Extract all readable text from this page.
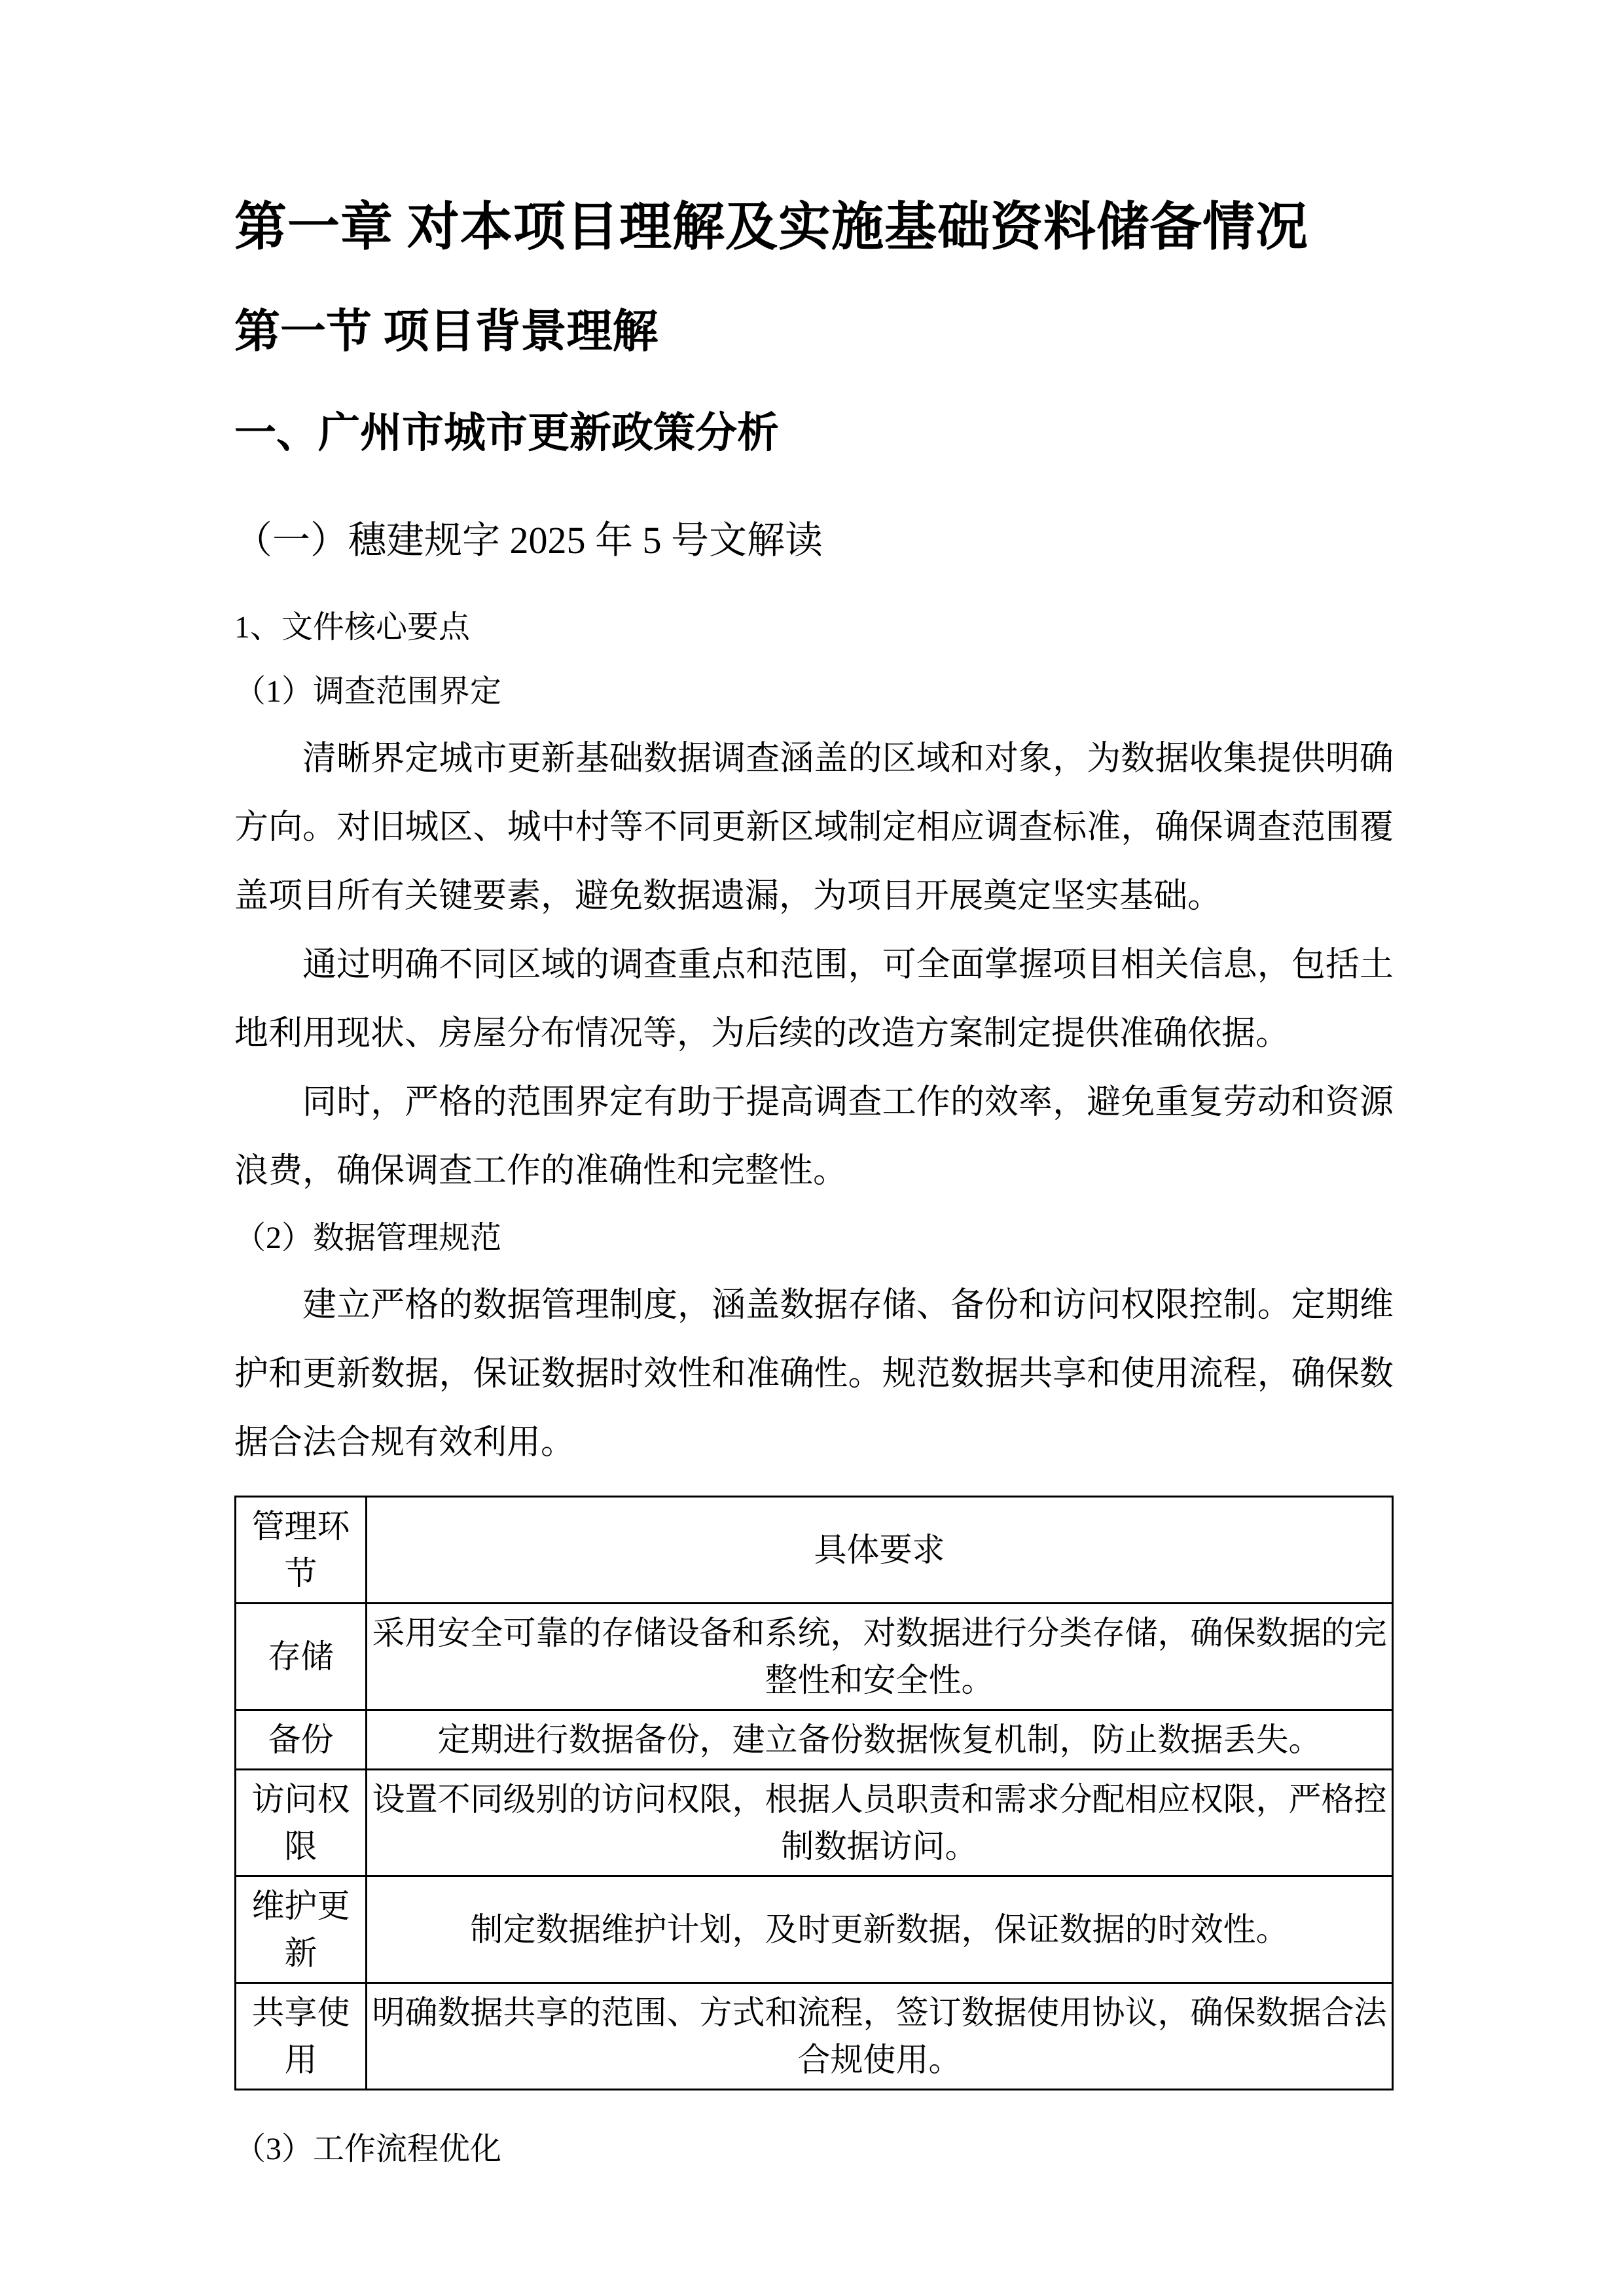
第一章 对本项目理解及实施基础资料储备情况
第一节 项目背景理解
一、广州市城市更新政策分析
（一）穗建规字 2025 年 5 号文解读
1、文件核心要点
（1）调查范围界定

清晰界定城市更新基础数据调查涵盖的区域和对象，为数据收集提供明确方向。对旧城区、城中村等不同更新区域制定相应调查标准，确保调查范围覆盖项目所有关键要素，避免数据遗漏，为项目开展奠定坚实基础。

通过明确不同区域的调查重点和范围，可全面掌握项目相关信息，包括土地利用现状、房屋分布情况等，为后续的改造方案制定提供准确依据。

同时，严格的范围界定有助于提高调查工作的效率，避免重复劳动和资源浪费，确保调查工作的准确性和完整性。

（2）数据管理规范

建立严格的数据管理制度，涵盖数据存储、备份和访问权限控制。定期维护和更新数据，保证数据时效性和准确性。规范数据共享和使用流程，确保数据合法合规有效利用。

管理环节	具体要求
存储	采用安全可靠的存储设备和系统，对数据进行分类存储，确保数据的完整性和安全性。
备份	定期进行数据备份，建立备份数据恢复机制，防止数据丢失。
访问权限	设置不同级别的访问权限，根据人员职责和需求分配相应权限，严格控制数据访问。
维护更新	制定数据维护计划，及时更新数据，保证数据的时效性。
共享使用	明确数据共享的范围、方式和流程，签订数据使用协议，确保数据合法合规使用。
（3）工作流程优化
